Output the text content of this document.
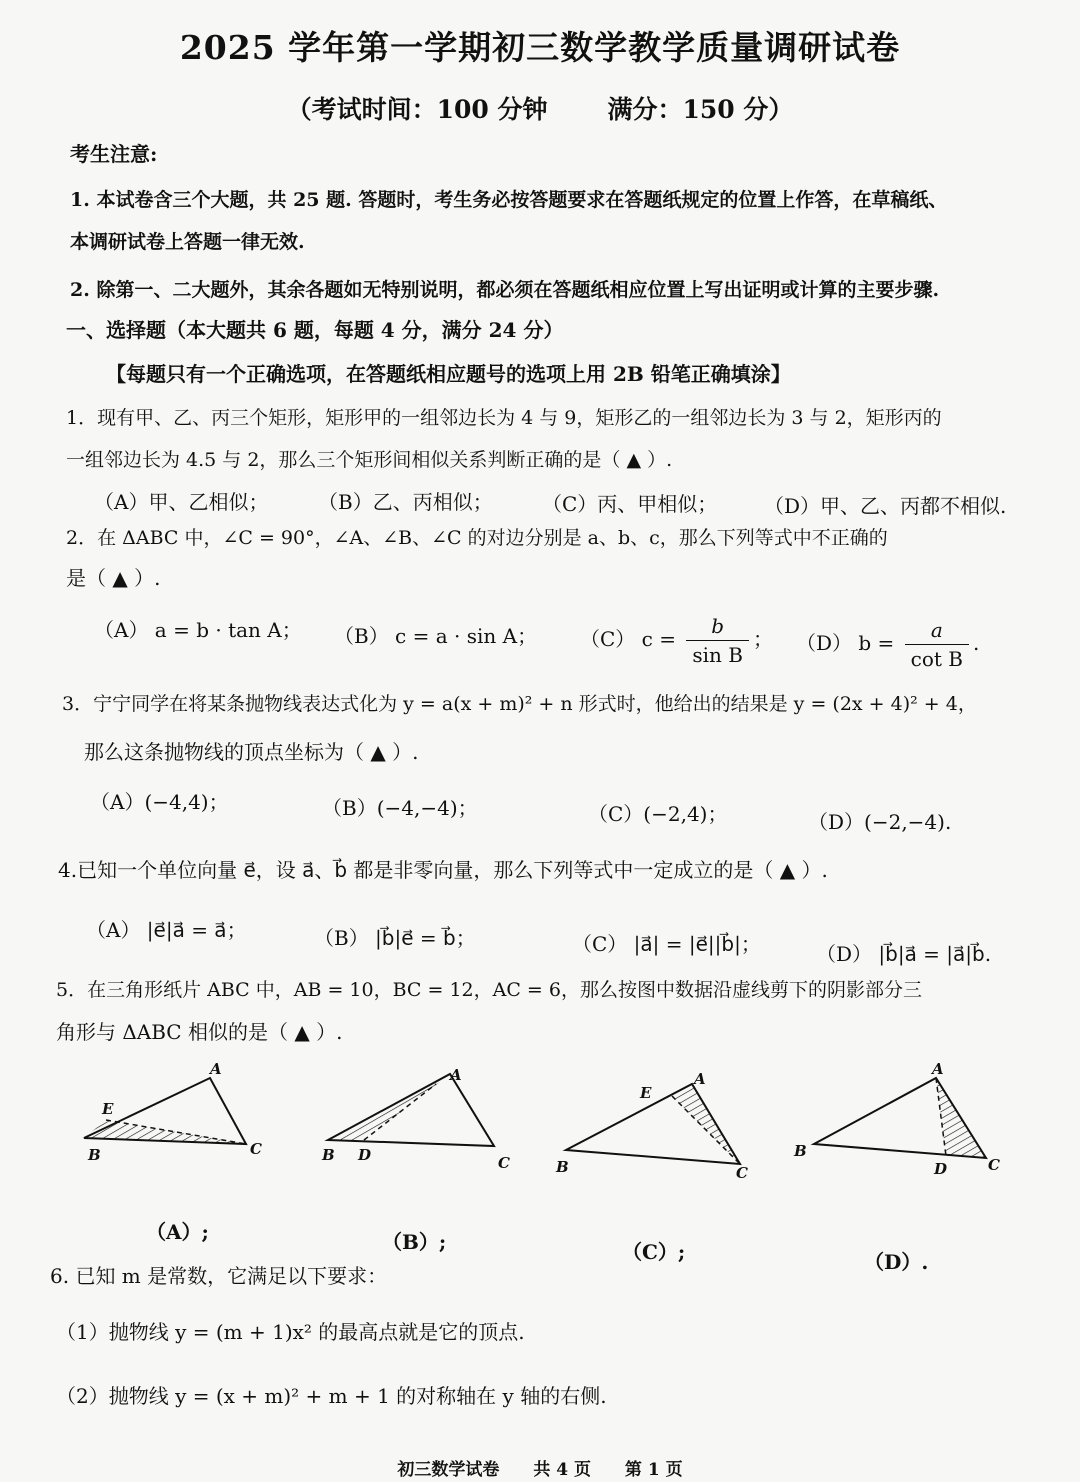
2025 学年第一学期初三数学教学质量调研试卷
（考试时间：100 分钟 满分：150 分）
考生注意:
1. 本试卷含三个大题，共 25 题. 答题时，考生务必按答题要求在答题纸规定的位置上作答，在草稿纸、
本调研试卷上答题一律无效.
2. 除第一、二大题外，其余各题如无特别说明，都必须在答题纸相应位置上写出证明或计算的主要步骤.
一、选择题（本大题共 6 题，每题 4 分，满分 24 分）
【每题只有一个正确选项，在答题纸相应题号的选项上用 2B 铅笔正确填涂】
1．现有甲、乙、丙三个矩形，矩形甲的一组邻边长为 4 与 9，矩形乙的一组邻边长为 3 与 2，矩形丙的
一组邻边长为 4.5 与 2，那么三个矩形间相似关系判断正确的是（ ▲ ）.
（A）甲、乙相似； （B）乙、丙相似； （C）丙、甲相似； （D）甲、乙、丙都不相似.
2．在 ΔABC 中，∠C = 90°，∠A、∠B、∠C 的对边分别是 a、b、c，那么下列等式中不正确的
是（ ▲ ）.
（A） a = b · tan A； （B） c = a · sin A； （C） $c = \frac{b}{\text{sin B}}$ ； （D） $b = \frac{a}{\text{cot B}}$ .
3．宁宁同学在将某条抛物线表达式化为 y = a(x + m)² + n 形式时，他给出的结果是 y = (2x + 4)² + 4，
那么这条抛物线的顶点坐标为（ ▲ ）.
（A）(−4,4)；	（B）(−4,−4)；	（C）(−2,4)；	（D）(−2,−4).
4.已知一个单位向量 e⃗，设 a⃗、b⃗ 都是非零向量，那么下列等式中一定成立的是（ ▲ ）.
（A） |e⃗|a⃗ = a⃗；	（B） |b⃗|e⃗ = b⃗；	（C） |a⃗| = |e⃗||b⃗|；	（D） |b⃗|a⃗ = |a⃗|b⃗.
5．在三角形纸片 ABC 中，AB = 10，BC = 12，AC = 6，那么按图中数据沿虚线剪下的阴影部分三
角形与 ΔABC 相似的是（ ▲ ）.
A
B	C
E
A
B D	C
A
E
B	C
A
B
D	C
（A）;	（B）;	（C）;	（D）.
6. 已知 m 是常数，它满足以下要求：
（1）抛物线 y = (m + 1)x² 的最高点就是它的顶点.
（2）抛物线 y = (x + m)² + m + 1 的对称轴在 y 轴的右侧.
初三数学试卷 共 4 页 第 1 页
